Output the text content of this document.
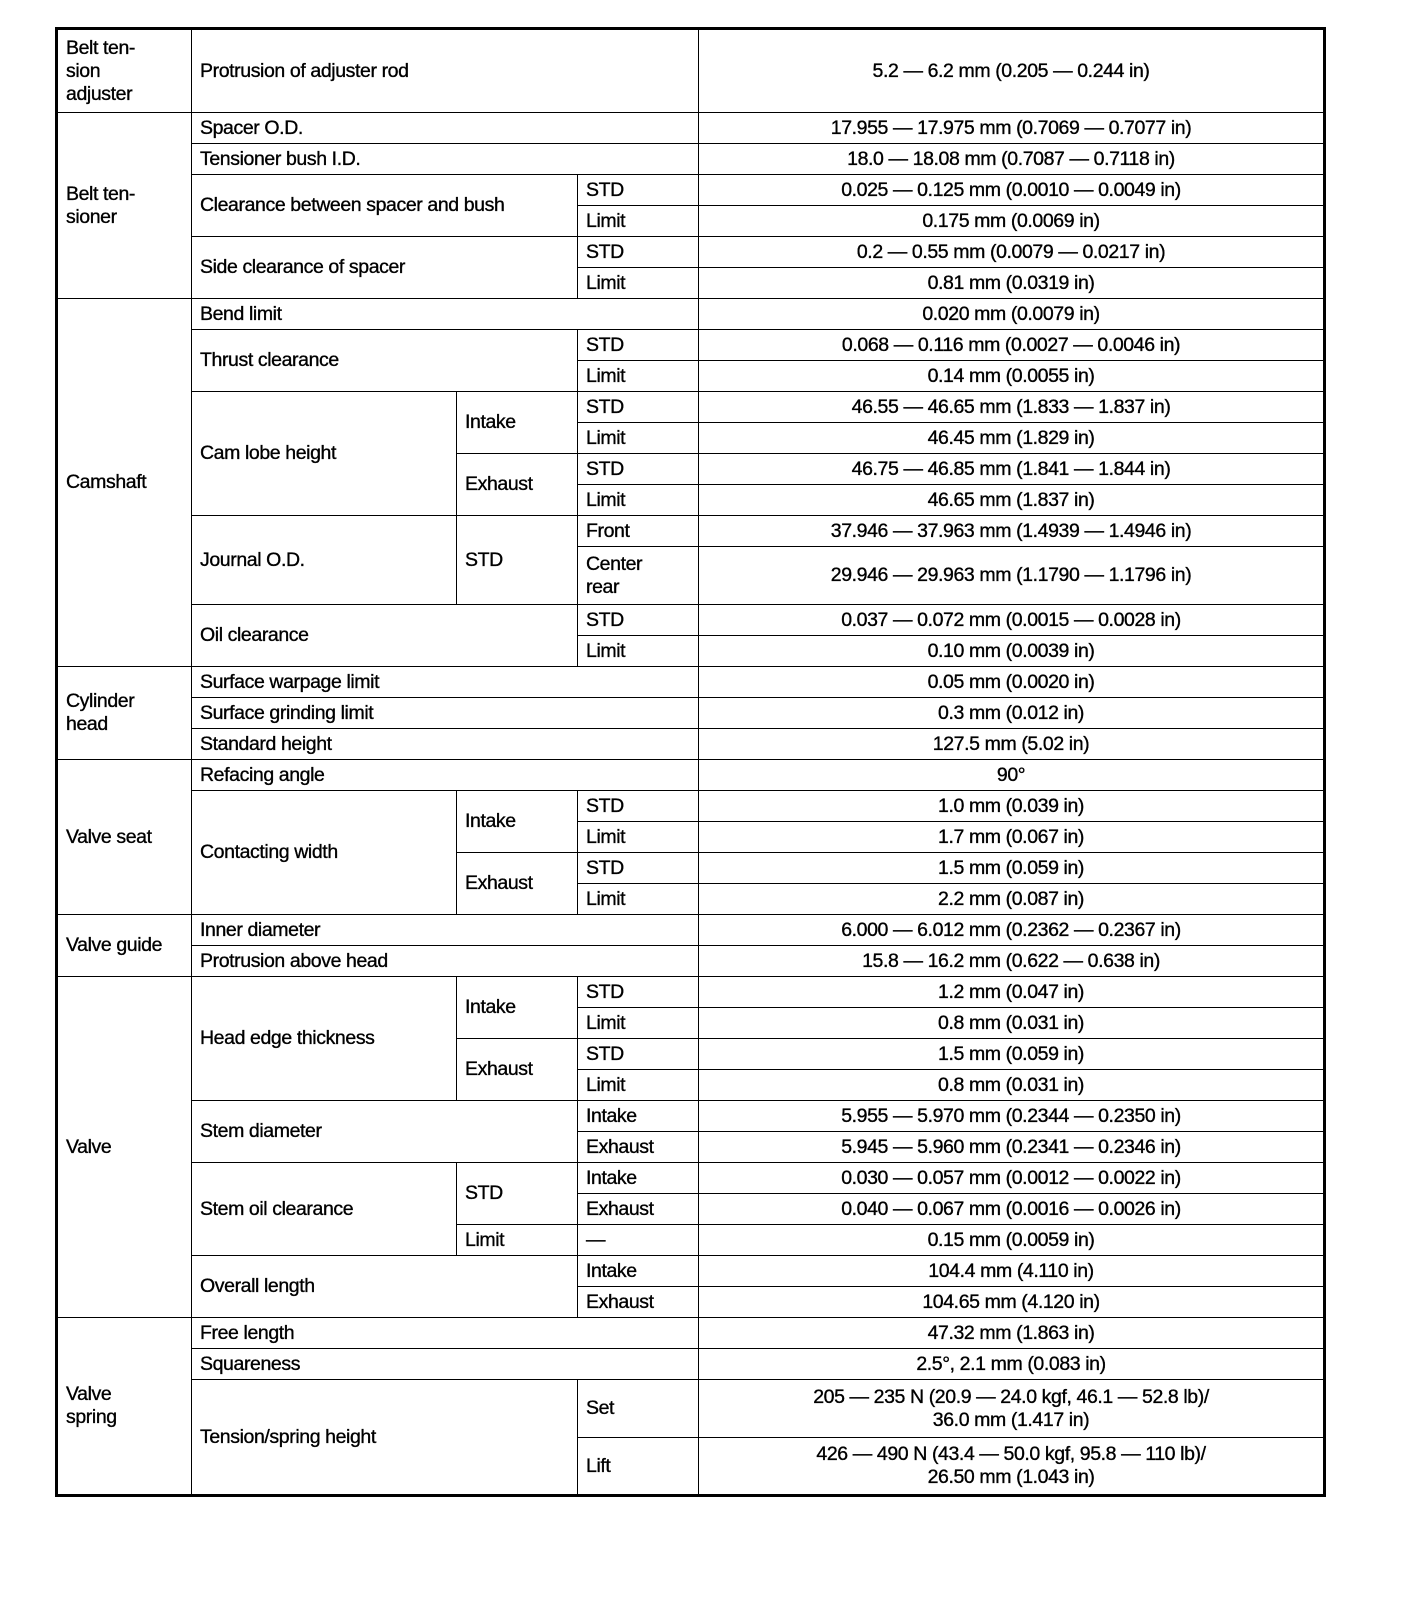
Belt ten-
sion
adjuster	Protrusion of adjuster rod			5.2 — 6.2 mm (0.205 — 0.244 in)
Belt ten-
sioner	Spacer O.D.			17.955 — 17.975 mm (0.7069 — 0.7077 in)
	Tensioner bush I.D.			18.0 — 18.08 mm (0.7087 — 0.7118 in)
	Clearance between spacer and bush		STD	0.025 — 0.125 mm (0.0010 — 0.0049 in)
			Limit	0.175 mm (0.0069 in)
	Side clearance of spacer		STD	0.2 — 0.55 mm (0.0079 — 0.0217 in)
			Limit	0.81 mm (0.0319 in)
Camshaft	Bend limit			0.020 mm (0.0079 in)
	Thrust clearance		STD	0.068 — 0.116 mm (0.0027 — 0.0046 in)
			Limit	0.14 mm (0.0055 in)
	Cam lobe height	Intake	STD	46.55 — 46.65 mm (1.833 — 1.837 in)
			Limit	46.45 mm (1.829 in)
		Exhaust	STD	46.75 — 46.85 mm (1.841 — 1.844 in)
			Limit	46.65 mm (1.837 in)
	Journal O.D.	STD	Front	37.946 — 37.963 mm (1.4939 — 1.4946 in)
			Center
rear	29.946 — 29.963 mm (1.1790 — 1.1796 in)
	Oil clearance		STD	0.037 — 0.072 mm (0.0015 — 0.0028 in)
			Limit	0.10 mm (0.0039 in)
Cylinder
head	Surface warpage limit			0.05 mm (0.0020 in)
	Surface grinding limit			0.3 mm (0.012 in)
	Standard height			127.5 mm (5.02 in)
Valve seat	Refacing angle			90°
	Contacting width	Intake	STD	1.0 mm (0.039 in)
			Limit	1.7 mm (0.067 in)
		Exhaust	STD	1.5 mm (0.059 in)
			Limit	2.2 mm (0.087 in)
Valve guide	Inner diameter			6.000 — 6.012 mm (0.2362 — 0.2367 in)
	Protrusion above head			15.8 — 16.2 mm (0.622 — 0.638 in)
Valve	Head edge thickness	Intake	STD	1.2 mm (0.047 in)
			Limit	0.8 mm (0.031 in)
		Exhaust	STD	1.5 mm (0.059 in)
			Limit	0.8 mm (0.031 in)
	Stem diameter		Intake	5.955 — 5.970 mm (0.2344 — 0.2350 in)
			Exhaust	5.945 — 5.960 mm (0.2341 — 0.2346 in)
	Stem oil clearance	STD	Intake	0.030 — 0.057 mm (0.0012 — 0.0022 in)
			Exhaust	0.040 — 0.067 mm (0.0016 — 0.0026 in)
		Limit	—	0.15 mm (0.0059 in)
	Overall length		Intake	104.4 mm (4.110 in)
			Exhaust	104.65 mm (4.120 in)
Valve
spring	Free length			47.32 mm (1.863 in)
	Squareness			2.5°, 2.1 mm (0.083 in)
	Tension/spring height		Set	205 — 235 N (20.9 — 24.0 kgf, 46.1 — 52.8 lb)/
36.0 mm (1.417 in)
			Lift	426 — 490 N (43.4 — 50.0 kgf, 95.8 — 110 lb)/
26.50 mm (1.043 in)
